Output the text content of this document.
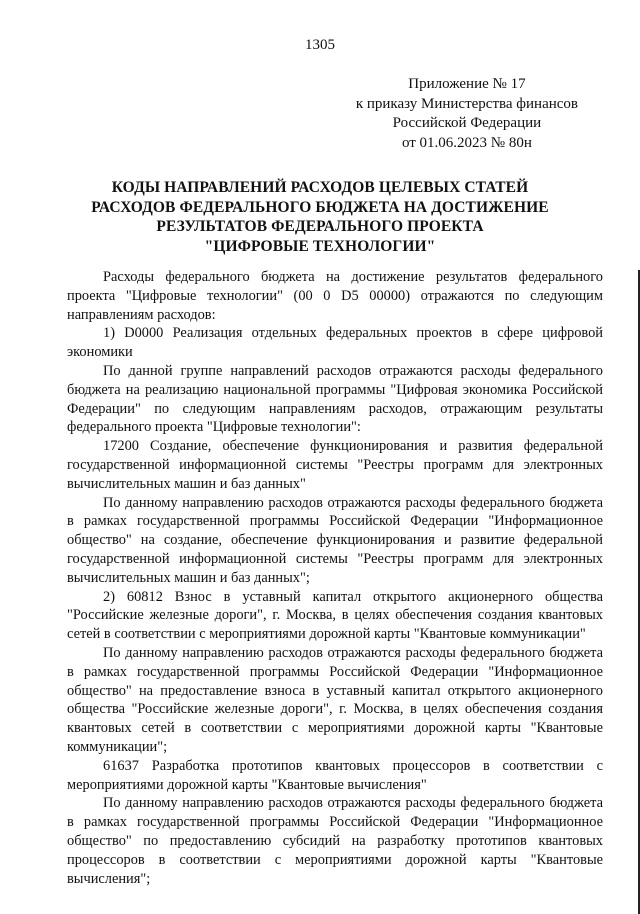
1305
Приложение № 17
к приказу Министерства финансов
Российской Федерации
от 01.06.2023 № 80н
КОДЫ НАПРАВЛЕНИЙ РАСХОДОВ ЦЕЛЕВЫХ СТАТЕЙ
РАСХОДОВ ФЕДЕРАЛЬНОГО БЮДЖЕТА НА ДОСТИЖЕНИЕ
РЕЗУЛЬТАТОВ ФЕДЕРАЛЬНОГО ПРОЕКТА
"ЦИФРОВЫЕ ТЕХНОЛОГИИ"

Расходы федерального бюджета на достижение результатов федерального проекта "Цифровые технологии" (00 0 D5 00000) отражаются по следующим направлениям расходов:

1) D0000 Реализация отдельных федеральных проектов в сфере цифровой экономики

По данной группе направлений расходов отражаются расходы федерального бюджета на реализацию национальной программы "Цифровая экономика Российской Федерации" по следующим направлениям расходов, отражающим результаты федерального проекта "Цифровые технологии":

17200 Создание, обеспечение функционирования и развития федеральной государственной информационной системы "Реестры программ для электронных вычислительных машин и баз данных"

По данному направлению расходов отражаются расходы федерального бюджета в рамках государственной программы Российской Федерации "Информационное общество" на создание, обеспечение функционирования и развитие федеральной государственной информационной системы "Реестры программ для электронных вычислительных машин и баз данных";

2) 60812 Взнос в уставный капитал открытого акционерного общества "Российские железные дороги", г. Москва, в целях обеспечения создания квантовых сетей в соответствии с мероприятиями дорожной карты "Квантовые коммуникации"

По данному направлению расходов отражаются расходы федерального бюджета в рамках государственной программы Российской Федерации "Информационное общество" на предоставление взноса в уставный капитал открытого акционерного общества "Российские железные дороги", г. Москва, в целях обеспечения создания квантовых сетей в соответствии с мероприятиями дорожной карты "Квантовые коммуникации";

61637 Разработка прототипов квантовых процессоров в соответствии с мероприятиями дорожной карты "Квантовые вычисления"

По данному направлению расходов отражаются расходы федерального бюджета в рамках государственной программы Российской Федерации "Информационное общество" по предоставлению субсидий на разработку прототипов квантовых процессоров в соответствии с мероприятиями дорожной карты "Квантовые вычисления";
